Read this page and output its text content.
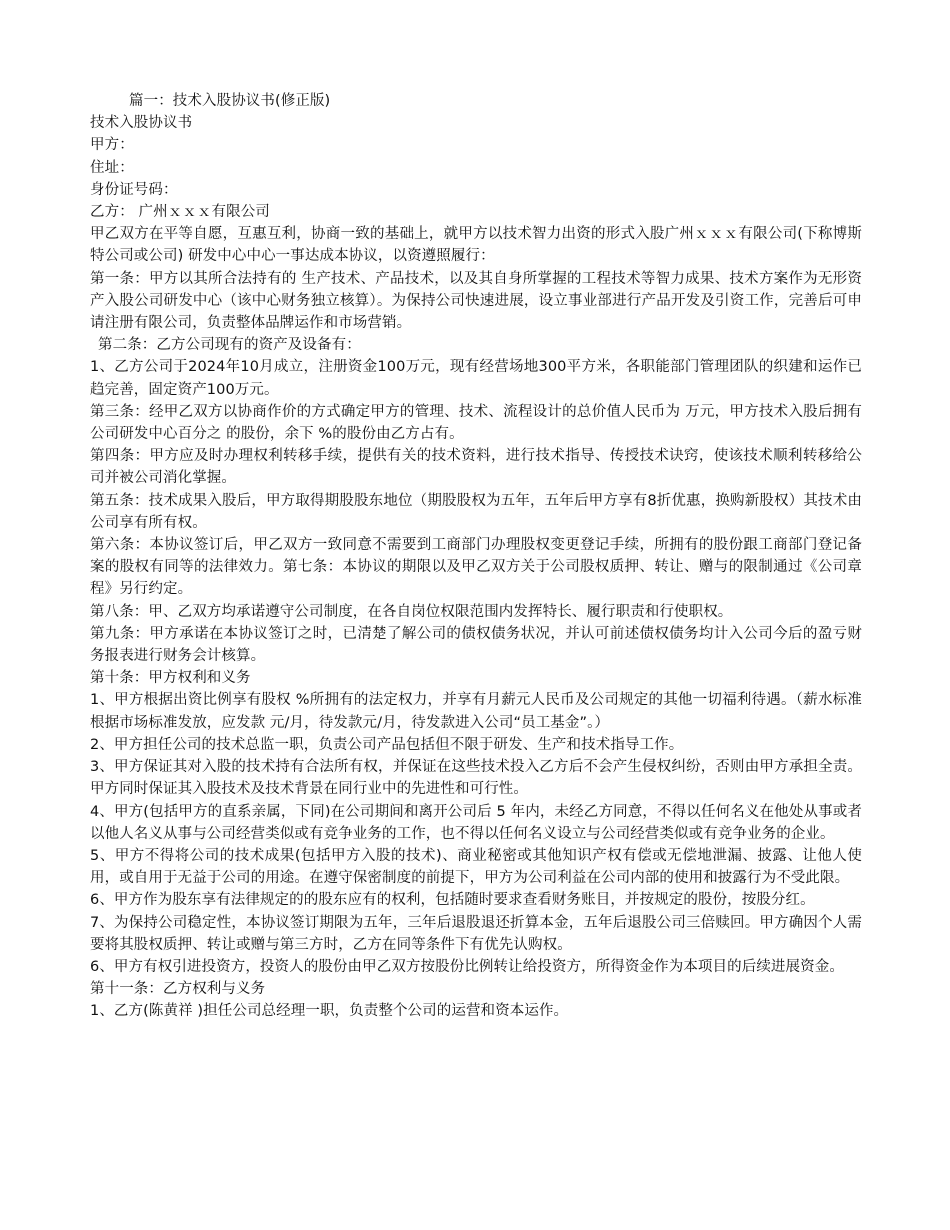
篇一：技术入股协议书(修正版)

技术入股协议书

甲方：

住址：

身份证号码：

乙方： 广州ｘｘｘ有限公司

甲乙双方在平等自愿，互惠互利，协商一致的基础上，就甲方以技术智力出资的形式入股广州ｘｘｘ有限公司(下称博斯特公司或公司) 研发中心中心一事达成本协议，以资遵照履行：

第一条：甲方以其所合法持有的 生产技术、产品技术，以及其自身所掌握的工程技术等智力成果、技术方案作为无形资产入股公司研发中心（该中心财务独立核算）。为保持公司快速进展，设立事业部进行产品开发及引资工作，完善后可申请注册有限公司，负责整体品牌运作和市场营销。

第二条：乙方公司现有的资产及设备有：

1、乙方公司于2024年10月成立，注册资金100万元，现有经营场地300平方米，各职能部门管理团队的织建和运作已趋完善，固定资产100万元。

第三条：经甲乙双方以协商作价的方式确定甲方的管理、技术、流程设计的总价值人民币为 万元，甲方技术入股后拥有公司研发中心百分之 的股份，余下 %的股份由乙方占有。

第四条：甲方应及时办理权利转移手续，提供有关的技术资料，进行技术指导、传授技术诀窍，使该技术顺利转移给公司并被公司消化掌握。

第五条：技术成果入股后，甲方取得期股股东地位（期股股权为五年，五年后甲方享有8折优惠，换购新股权）其技术由公司享有所有权。

第六条：本协议签订后，甲乙双方一致同意不需要到工商部门办理股权变更登记手续，所拥有的股份跟工商部门登记备案的股权有同等的法律效力。第七条：本协议的期限以及甲乙双方关于公司股权质押、转让、赠与的限制通过《公司章程》另行约定。

第八条：甲、乙双方均承诺遵守公司制度，在各自岗位权限范围内发挥特长、履行职责和行使职权。

第九条：甲方承诺在本协议签订之时，已清楚了解公司的债权债务状况，并认可前述债权债务均计入公司今后的盈亏财务报表进行财务会计核算。

第十条：甲方权利和义务

1、甲方根据出资比例享有股权 %所拥有的法定权力，并享有月薪元人民币及公司规定的其他一切福利待遇。（薪水标准根据市场标准发放，应发款 元/月，待发款元/月，待发款进入公司“员工基金”。）

2、甲方担任公司的技术总监一职，负责公司产品包括但不限于研发、生产和技术指导工作。

3、甲方保证其对入股的技术持有合法所有权，并保证在这些技术投入乙方后不会产生侵权纠纷，否则由甲方承担全责。甲方同时保证其入股技术及技术背景在同行业中的先进性和可行性。

4、甲方(包括甲方的直系亲属，下同)在公司期间和离开公司后 5 年内，未经乙方同意，不得以任何名义在他处从事或者以他人名义从事与公司经营类似或有竞争业务的工作，也不得以任何名义设立与公司经营类似或有竞争业务的企业。

5、甲方不得将公司的技术成果(包括甲方入股的技术)、商业秘密或其他知识产权有偿或无偿地泄漏、披露、让他人使用，或自用于无益于公司的用途。在遵守保密制度的前提下，甲方为公司利益在公司内部的使用和披露行为不受此限。

6、甲方作为股东享有法律规定的的股东应有的权利，包括随时要求查看财务账目，并按规定的股份，按股分红。

7、为保持公司稳定性，本协议签订期限为五年，三年后退股退还折算本金，五年后退股公司三倍赎回。甲方确因个人需要将其股权质押、转让或赠与第三方时，乙方在同等条件下有优先认购权。

6、甲方有权引进投资方，投资人的股份由甲乙双方按股份比例转让给投资方，所得资金作为本项目的后续进展资金。

第十一条：乙方权利与义务

1、乙方(陈黄祥 )担任公司总经理一职，负责整个公司的运营和资本运作。
